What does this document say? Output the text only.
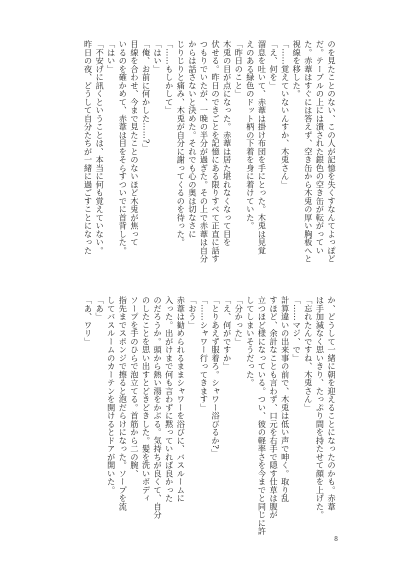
のを見たことのない、この人が記憶を失くすなんてよっぽど

だ。テーブルの上には潰された銀色の空き缶が転がってい

た。赤葦はすぐには答えず、空き缶から木兎の厚い胸板へと

視線を移した。

「……覚えていないんすか、木兎さん」

「え、何を」

溜息を吐いて、赤葦は掛け布団を手にとった。木兎は見覚

えのある緑色のドット柄の下着を身に着けていた。

「昨日のこと」

木兎の目が点になった。赤葦は居た堪れなくなって目を

伏せる。昨日のできごとを記憶にある限りすべて正直に話す

つもりでいたが、一晩の半分が過ぎた。その上で赤葦は自分

からは話さないと決めた。それでも心の奥は切なさに

じりじりと痛み、木兎が自分に謝ってくるのを待った。

「……もしかして」

「はい」

「俺、お前に何かした……?」

目線を合わせ、今まで見たことのないほど木兎が焦って

いるのを確かめて、赤葦は目をそらすついでに首背した。

「はい」

「不安げに訊くということは、本当に何も覚えていない。

昨日の夜、どうして自分たちが一緒に過ごすことになった

か、どうして一緒に朝を迎えることになったのかも。赤葦

は手加減なく思いきり、たっぷり間を持たせて顔を上げた。

「忘れたんですね、木兎さん」

「……マジ、で」

計算違いの出来事の前で、木兎は低い声で呻く。取り乱

すほど、余計なことも言わず、口元を右手で隠す仕草は腹が

立つほど様になっている。つい、彼の軽率さを今までと同じに許

してしまいそうだった。

「分かった」

「え、何がですか」

「とりあえず服着ろ。シャワー浴びるか?」

「……シャワー行ってきます」

「おう」

赤葦は勧められるままシャワーを浴びに、バスルームに

入った。出がけまで何も言わずに黙っていれば良かった

のだろうか。頭から熱い湯をかぶる。気持ちが良くて、自分

のしたことを思い出すとどきどきした。髪を洗いボディ

ソープを手のひらで泡立てる。首筋から二の腕、

指先までスポンジで擦ると泡だらけになった。ソープを流

してバスルームのカーテンを開けるとドアが開いた。

「あ」

「あ、ワリ」

8
